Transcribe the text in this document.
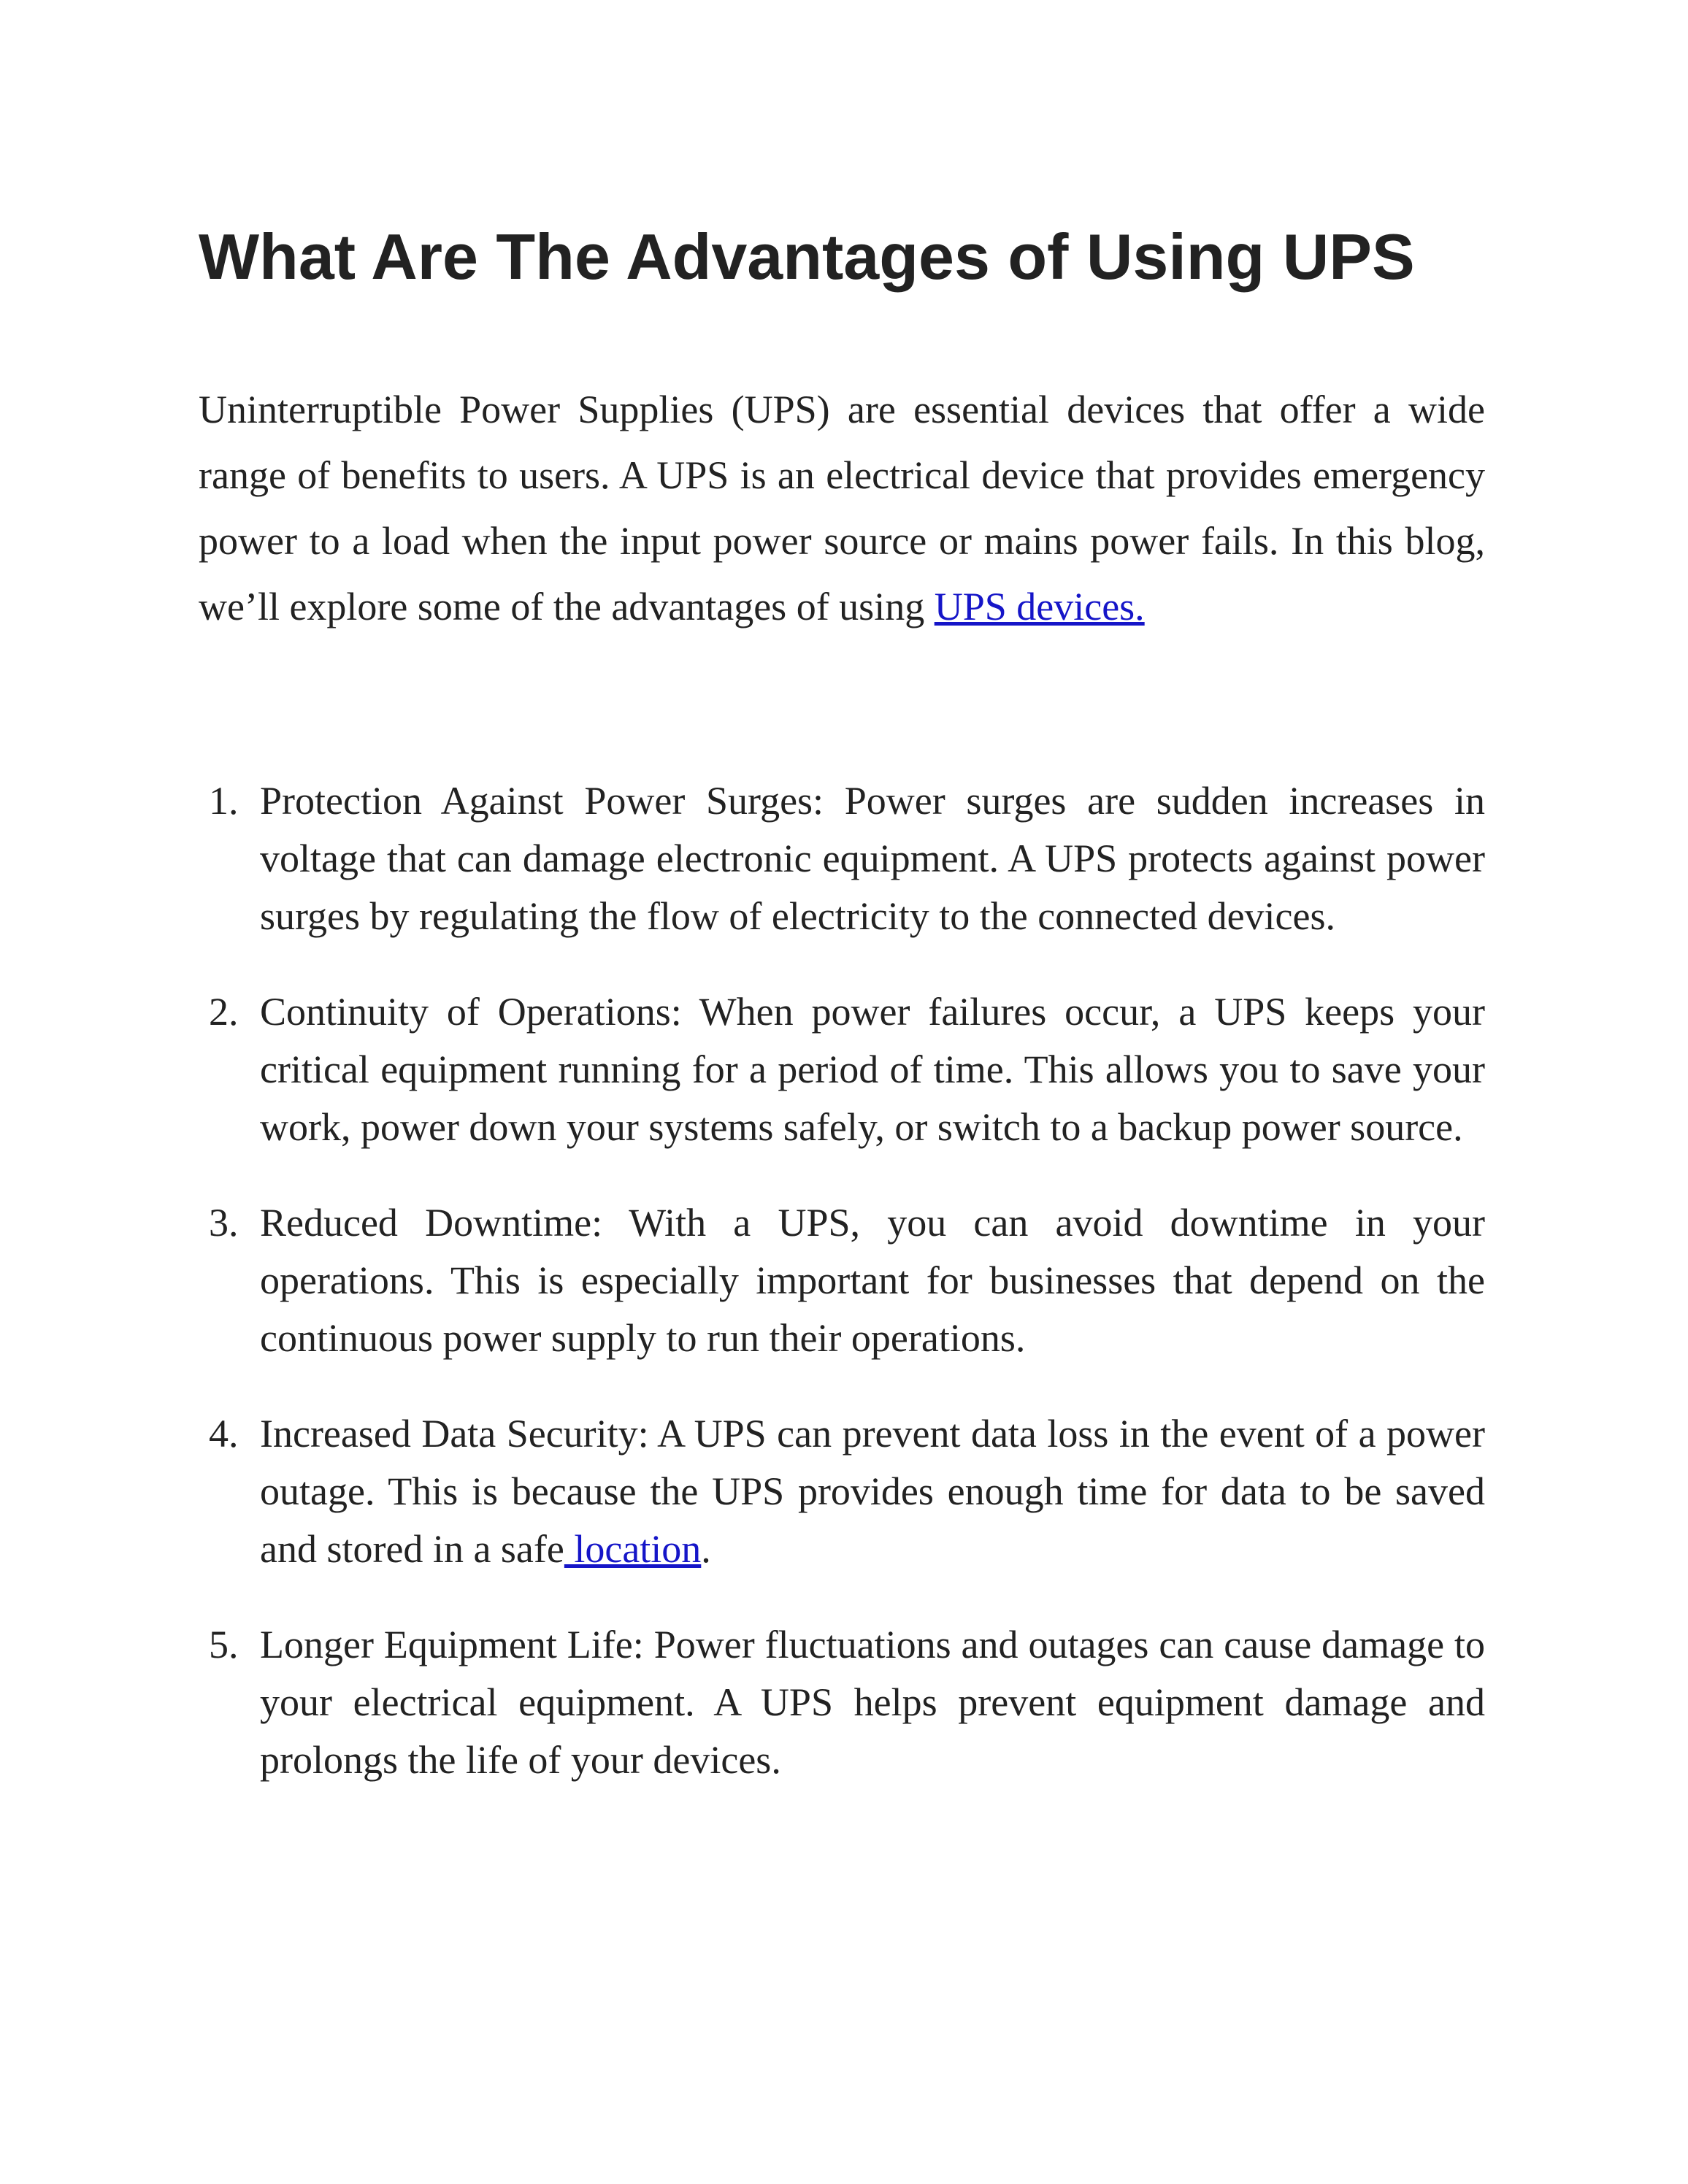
What Are The Advantages of Using UPS

Uninterruptible Power Supplies (UPS) are essential devices that offer a wide range of benefits to users. A UPS is an electrical device that provides emergency power to a load when the input power source or mains power fails. In this blog, we’ll explore some of the advantages of using UPS devices.

1. Protection Against Power Surges: Power surges are sudden increases in voltage that can damage electronic equipment. A UPS protects against power surges by regulating the flow of electricity to the connected devices.
2. Continuity of Operations: When power failures occur, a UPS keeps your critical equipment running for a period of time. This allows you to save your work, power down your systems safely, or switch to a backup power source.
3. Reduced Downtime: With a UPS, you can avoid downtime in your operations. This is especially important for businesses that depend on the continuous power supply to run their operations.
4. Increased Data Security: A UPS can prevent data loss in the event of a power outage. This is because the UPS provides enough time for data to be saved and stored in a safe location.
5. Longer Equipment Life: Power fluctuations and outages can cause damage to your electrical equipment. A UPS helps prevent equipment damage and prolongs the life of your devices.
